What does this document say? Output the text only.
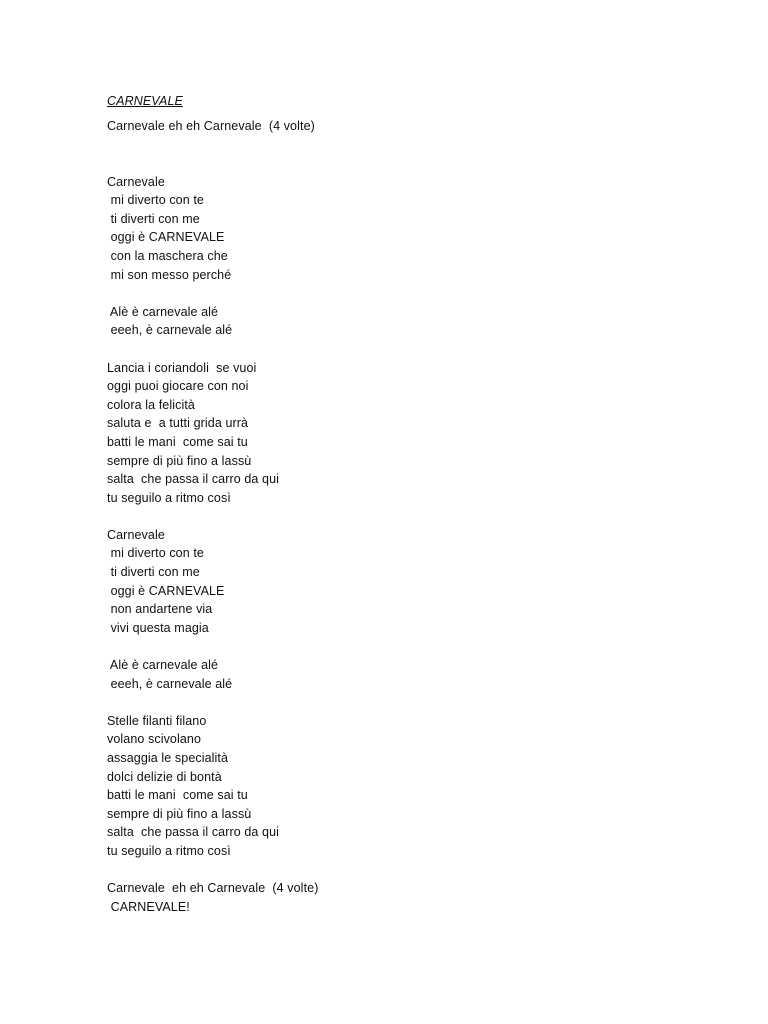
CARNEVALE
Carnevale eh eh Carnevale  (4 volte)
Carnevale
mi diverto con te
ti diverti con me
oggi è CARNEVALE
con la maschera che
mi son messo perché
Alè è carnevale alé
eeeh, è carnevale alé
Lancia i coriandoli  se vuoi
oggi puoi giocare con noi
colora la felicità
saluta e  a tutti grida urrà
batti le mani  come sai tu
sempre di più fino a lassù
salta  che passa il carro da qui
tu seguilo a ritmo così
Carnevale
mi diverto con te
ti diverti con me
oggi è CARNEVALE
non andartene via
vivi questa magia
Alè è carnevale alé
eeeh, è carnevale alé
Stelle filanti filano
volano scivolano
assaggia le specialità
dolci delizie di bontà
batti le mani  come sai tu
sempre di più fino a lassù
salta  che passa il carro da qui
tu seguilo a ritmo così
Carnevale  eh eh Carnevale  (4 volte)
CARNEVALE!
